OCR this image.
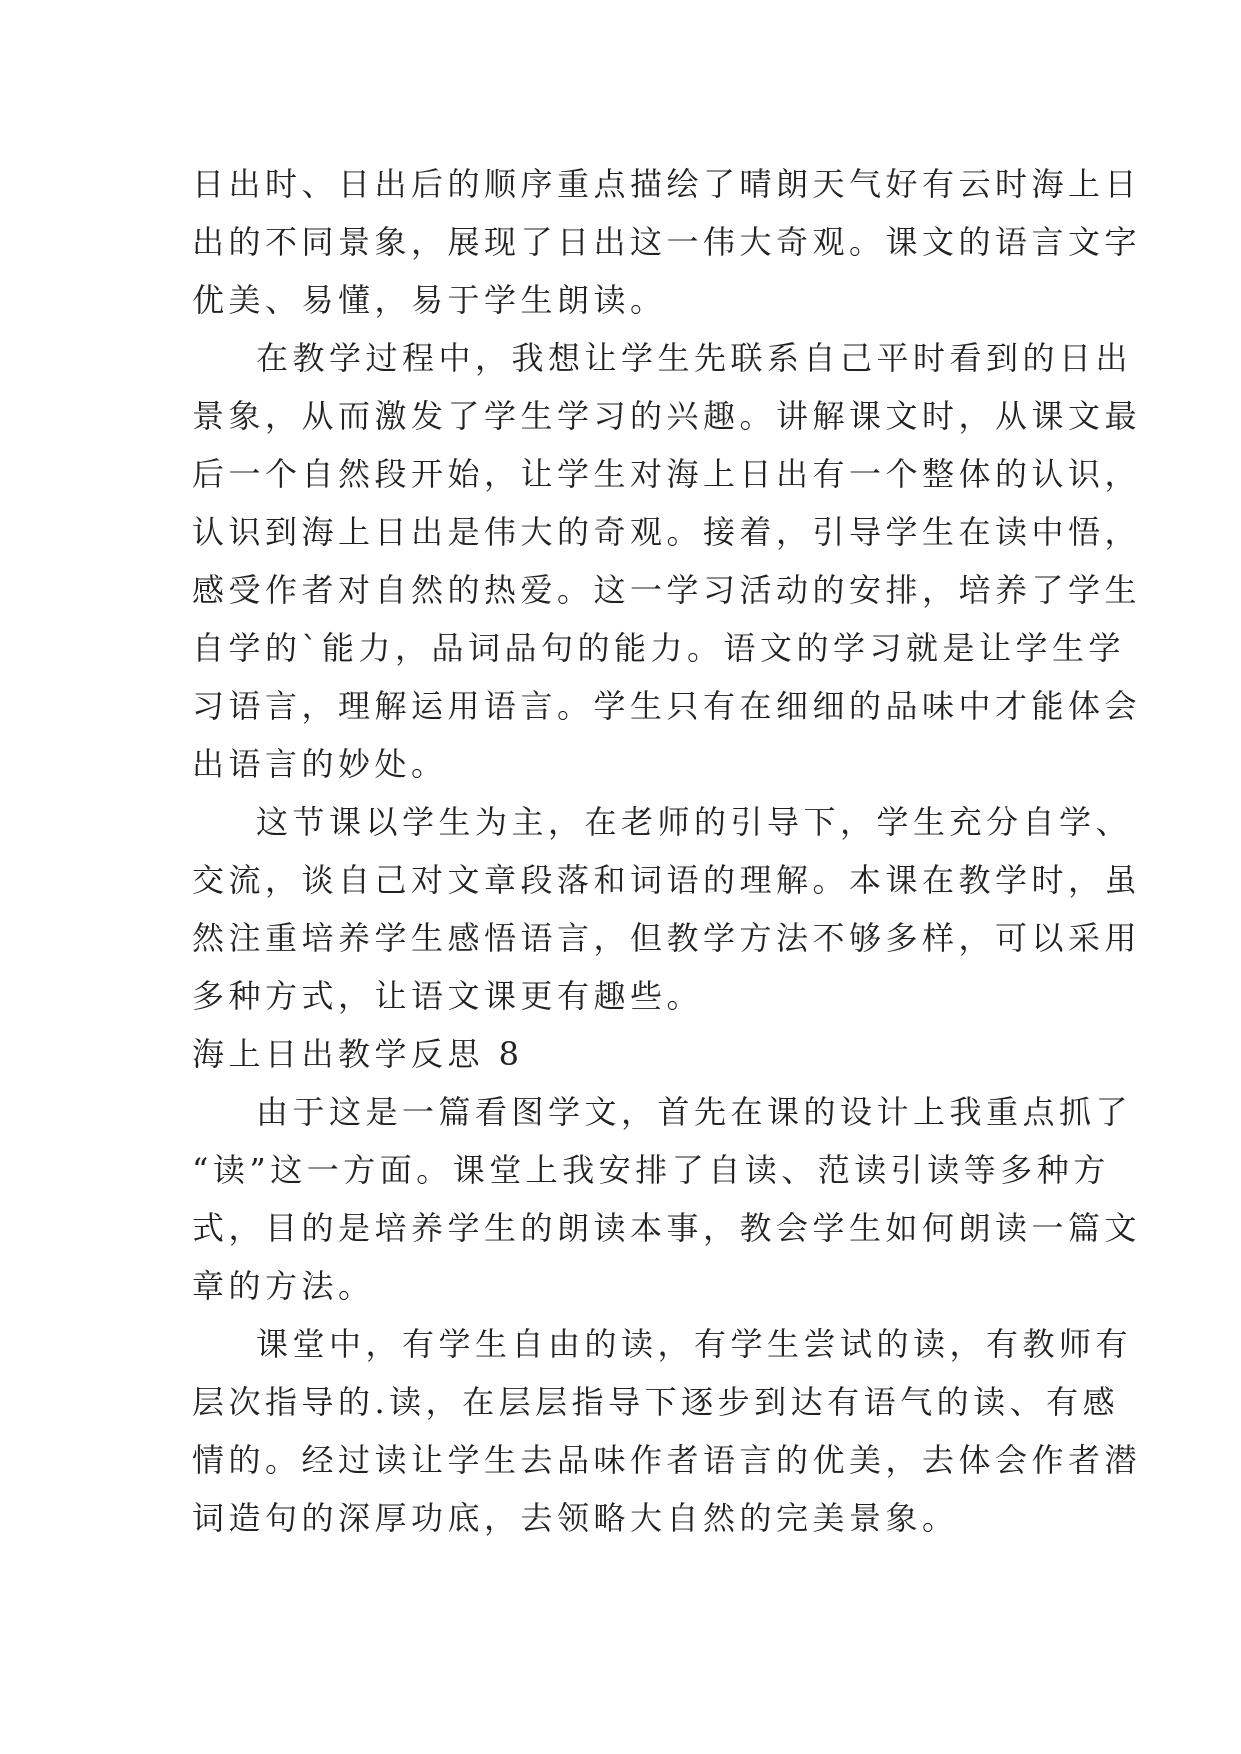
日出时、日出后的顺序重点描绘了晴朗天气好有云时海上日
出的不同景象，展现了日出这一伟大奇观。课文的语言文字
优美、易懂，易于学生朗读。
在教学过程中，我想让学生先联系自己平时看到的日出
景象，从而激发了学生学习的兴趣。讲解课文时，从课文最
后一个自然段开始，让学生对海上日出有一个整体的认识，
认识到海上日出是伟大的奇观。接着，引导学生在读中悟，
感受作者对自然的热爱。这一学习活动的安排，培养了学生
自学的`能力，品词品句的能力。语文的学习就是让学生学
习语言，理解运用语言。学生只有在细细的品味中才能体会
出语言的妙处。
这节课以学生为主，在老师的引导下，学生充分自学、
交流，谈自己对文章段落和词语的理解。本课在教学时，虽
然注重培养学生感悟语言，但教学方法不够多样，可以采用
多种方式，让语文课更有趣些。
海上日出教学反思 8
由于这是一篇看图学文，首先在课的设计上我重点抓了
“读”这一方面。课堂上我安排了自读、范读引读等多种方
式，目的是培养学生的朗读本事，教会学生如何朗读一篇文
章的方法。
课堂中，有学生自由的读，有学生尝试的读，有教师有
层次指导的.读，在层层指导下逐步到达有语气的读、有感
情的。经过读让学生去品味作者语言的优美，去体会作者潜
词造句的深厚功底，去领略大自然的完美景象。
